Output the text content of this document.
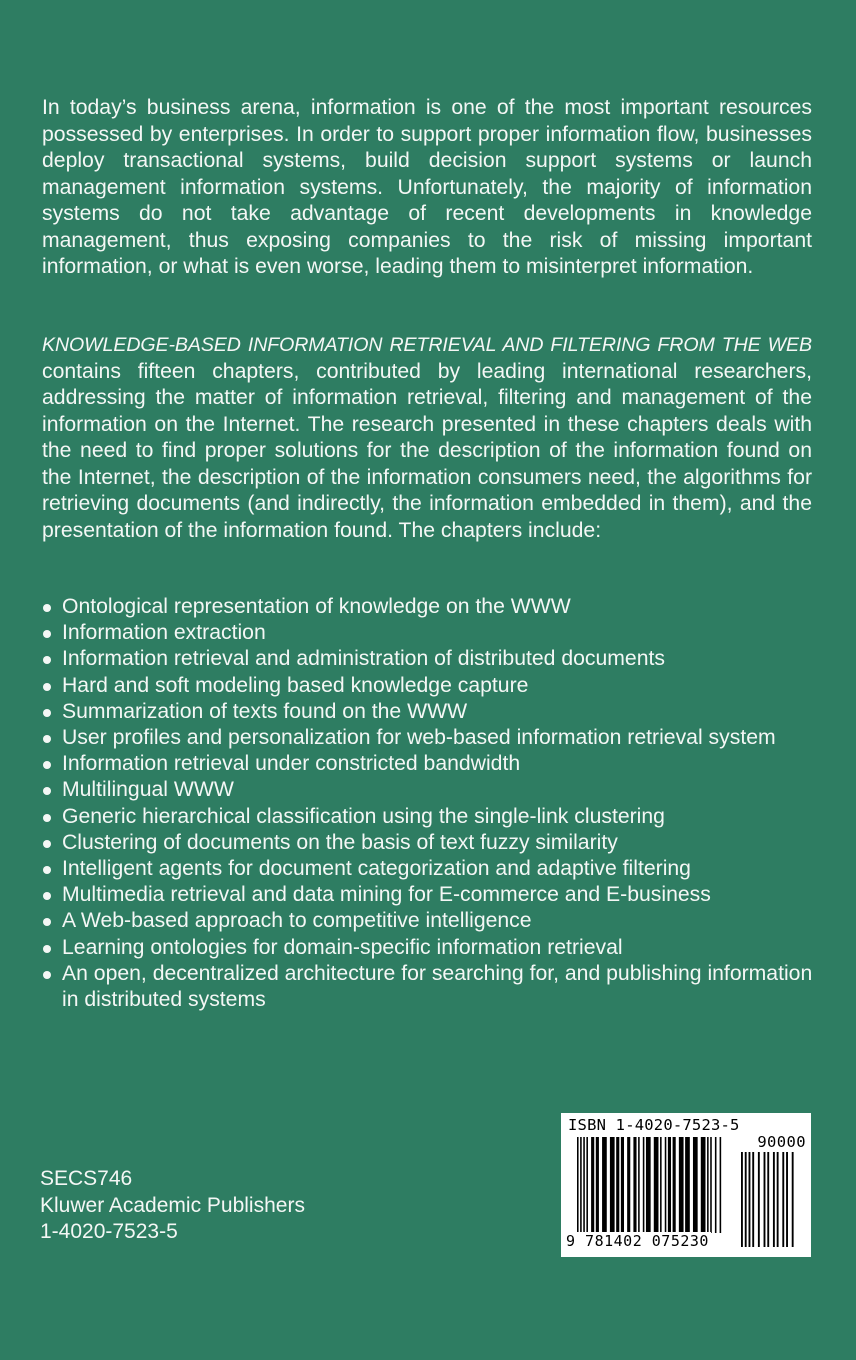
In today’s business arena, information is one of the most important resources possessed by enterprises. In order to support proper information flow, businesses deploy transactional systems, build decision support systems or launch management information systems. Unfortunately, the majority of information systems do not take advantage of recent developments in knowledge management, thus exposing companies to the risk of missing important information, or what is even worse, leading them to misinterpret information.

KNOWLEDGE-BASED INFORMATION RETRIEVAL AND FILTERING FROM THE WEB contains fifteen chapters, contributed by leading international researchers, addressing the matter of information retrieval, filtering and management of the information on the Internet. The research presented in these chapters deals with the need to find proper solutions for the description of the information found on the Internet, the description of the information consumers need, the algorithms for retrieving documents (and indirectly, the information embedded in them), and the presentation of the information found. The chapters include:

Ontological representation of knowledge on the WWW
Information extraction
Information retrieval and administration of distributed documents
Hard and soft modeling based knowledge capture
Summarization of texts found on the WWW
User profiles and personalization for web-based information retrieval system
Information retrieval under constricted bandwidth
Multilingual WWW
Generic hierarchical classification using the single-link clustering
Clustering of documents on the basis of text fuzzy similarity
Intelligent agents for document categorization and adaptive filtering
Multimedia retrieval and data mining for E-commerce and E-business
A Web-based approach to competitive intelligence
Learning ontologies for domain-specific information retrieval
An open, decentralized architecture for searching for, and publishing information in distributed systems
SECS746
Kluwer Academic Publishers
1-4020-7523-5
ISBN 1-4020-7523-5
90000
9 781402 075230
